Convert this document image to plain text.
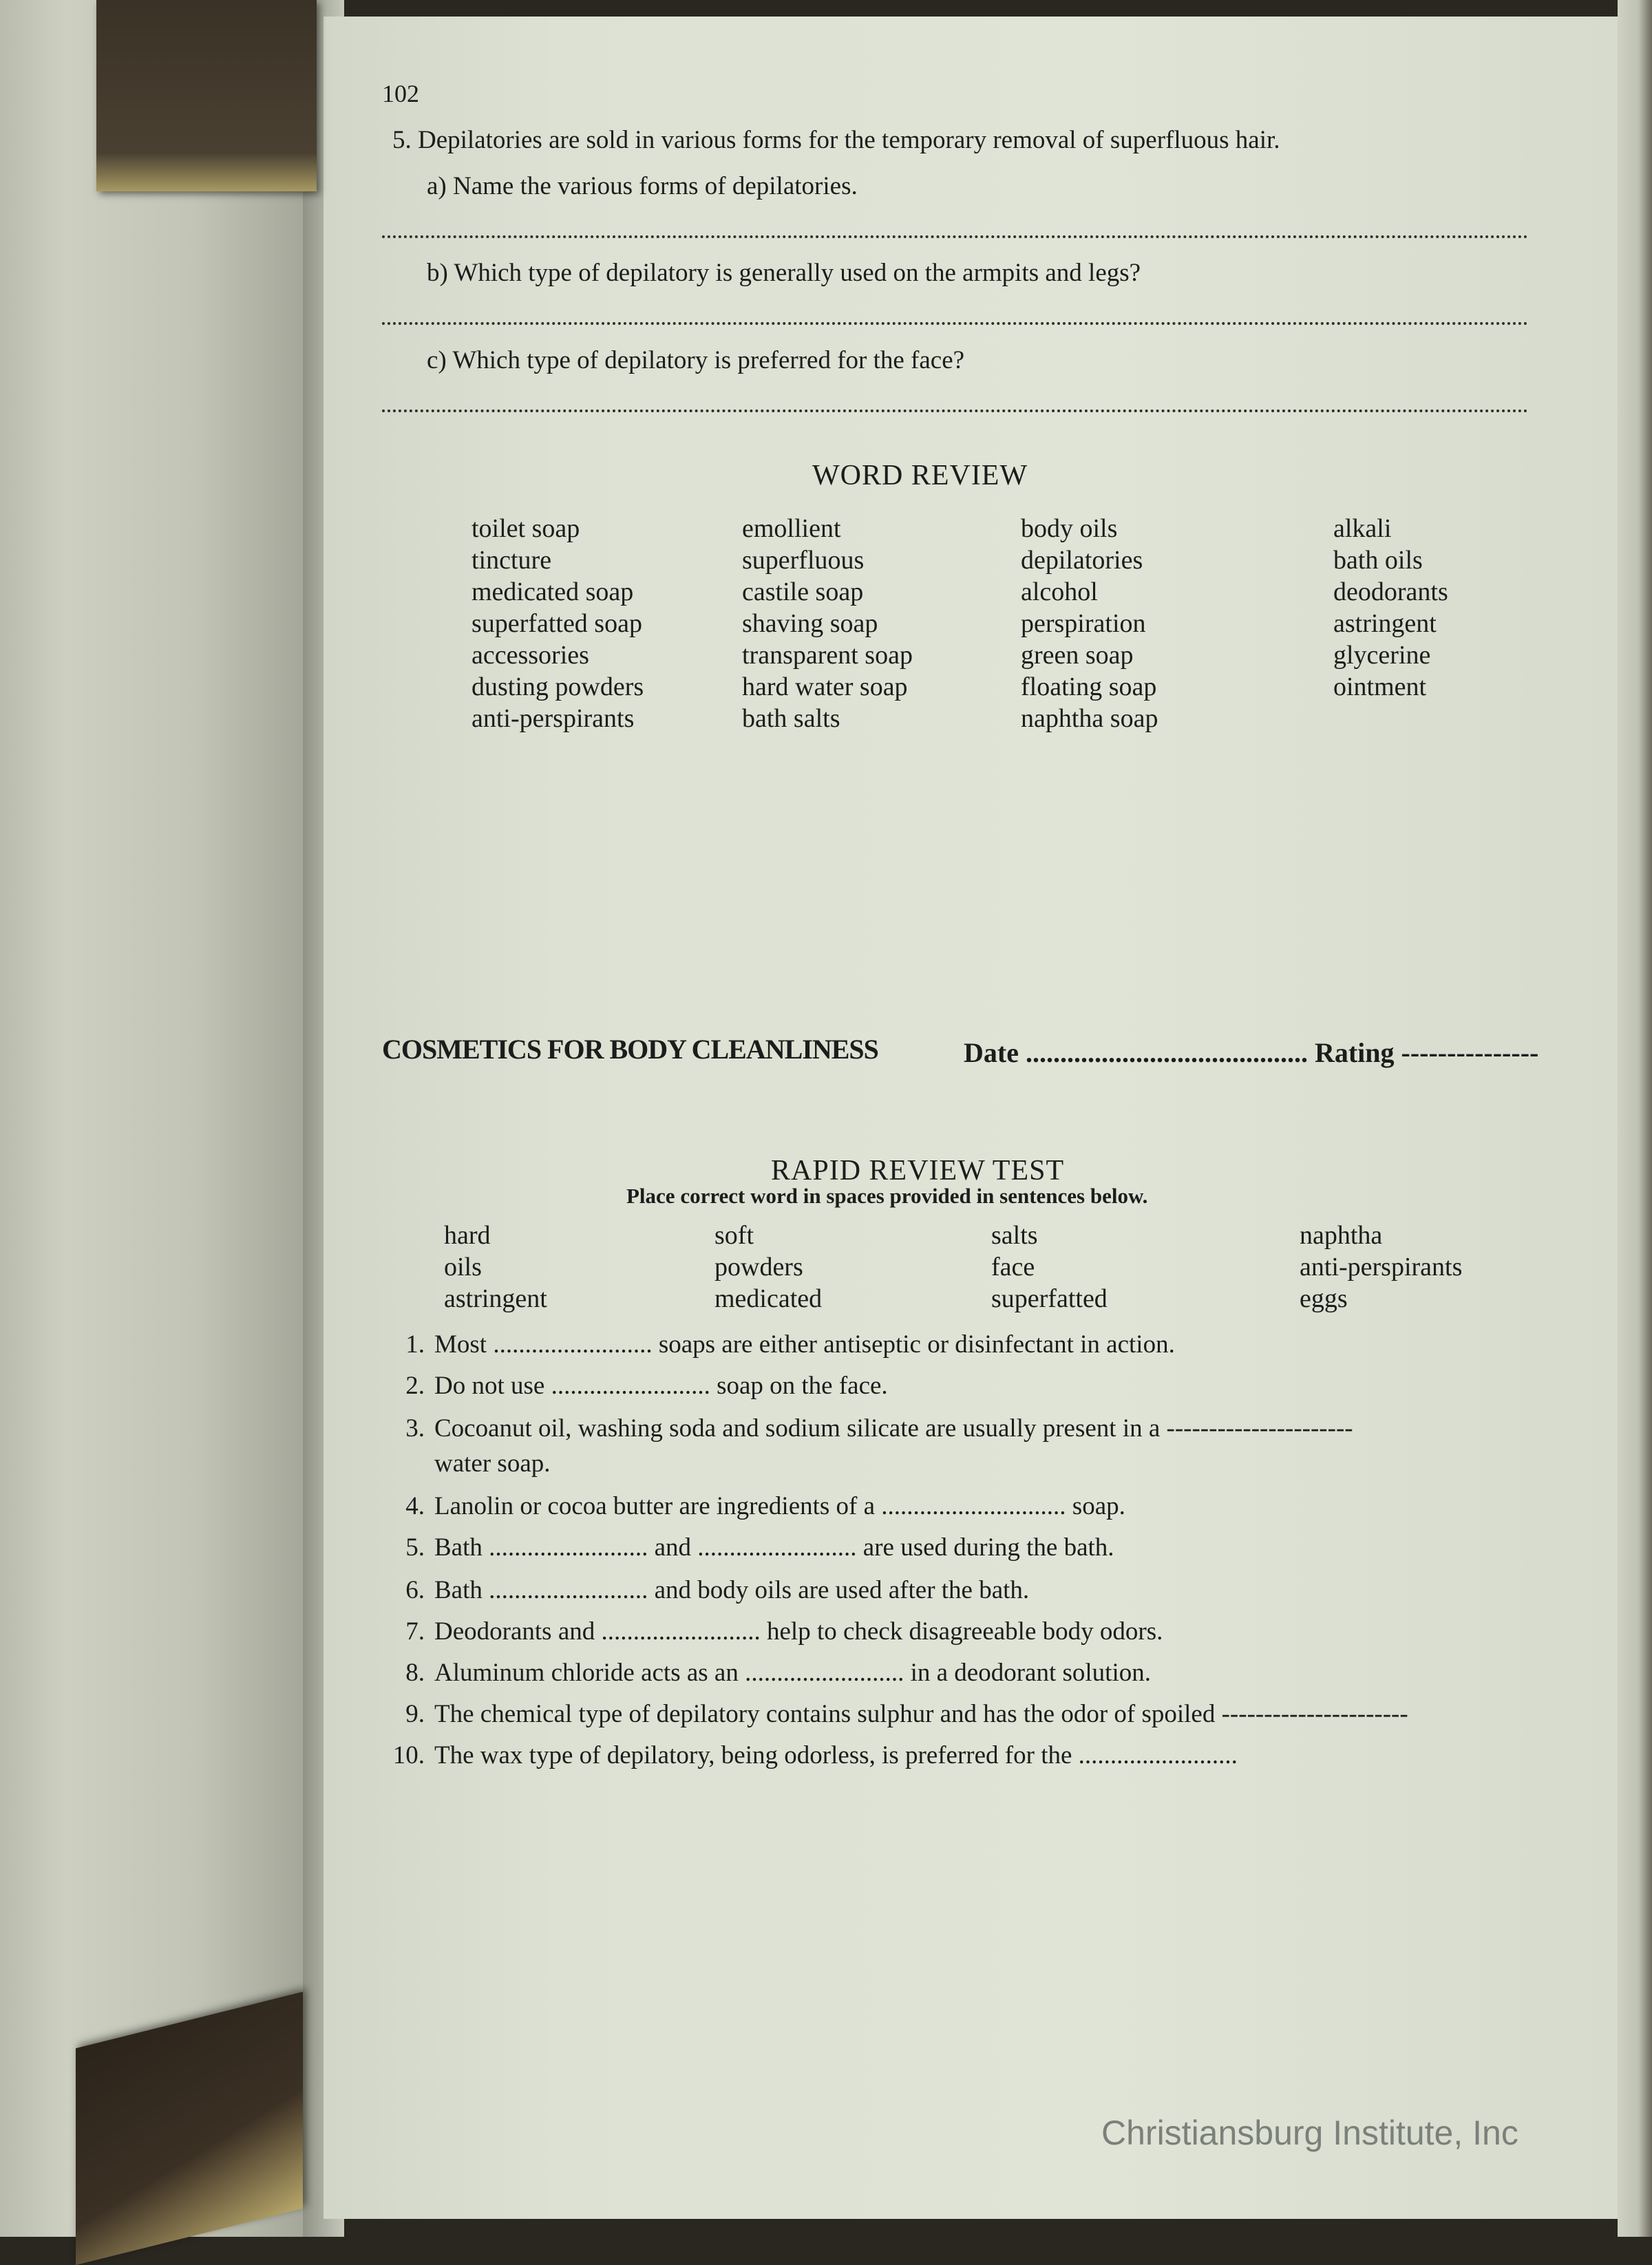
102
5. Depilatories are sold in various forms for the temporary removal of superfluous hair.
a) Name the various forms of depilatories.
b) Which type of depilatory is generally used on the armpits and legs?
c) Which type of depilatory is preferred for the face?
WORD REVIEW
toilet soap
tincture
medicated soap
superfatted soap
accessories
dusting powders
anti-perspirants
emollient
superfluous
castile soap
shaving soap
transparent soap
hard water soap
bath salts
body oils
depilatories
alcohol
perspiration
green soap
floating soap
naphtha soap
alkali
bath oils
deodorants
astringent
glycerine
ointment
COSMETICS FOR BODY CLEANLINESS	Date ......................................... Rating ---------------
RAPID REVIEW TEST
Place correct word in spaces provided in sentences below.
hard
oils
astringent
soft
powders
medicated
salts
face
superfatted
naphtha
anti-perspirants
eggs
1. Most ......................... soaps are either antiseptic or disinfectant in action.
2. Do not use ......................... soap on the face.
3. Cocoanut oil, washing soda and sodium silicate are usually present in a ----------------------
water soap.
4. Lanolin or cocoa butter are ingredients of a ............................. soap.
5. Bath ......................... and ......................... are used during the bath.
6. Bath ......................... and body oils are used after the bath.
7. Deodorants and ......................... help to check disagreeable body odors.
8. Aluminum chloride acts as an ......................... in a deodorant solution.
9. The chemical type of depilatory contains sulphur and has the odor of spoiled ----------------------
10. The wax type of depilatory, being odorless, is preferred for the .........................
Christiansburg Institute, Inc
